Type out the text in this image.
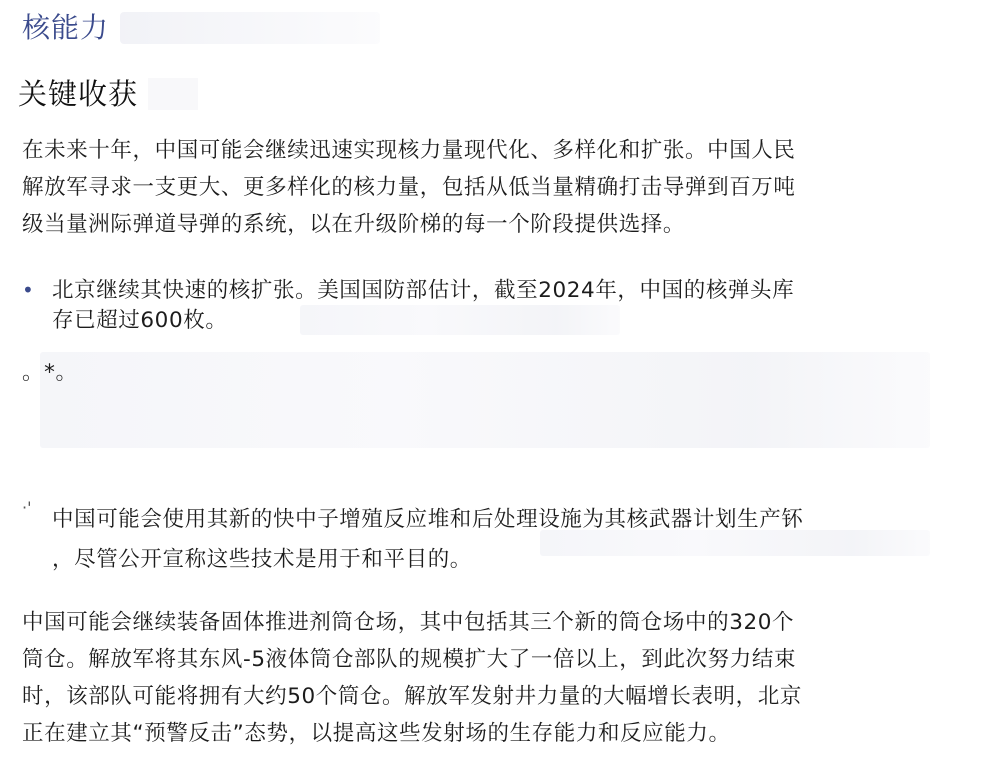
核能力
关键收获

在未来十年，中国可能会继续迅速实现核力量现代化、多样化和扩张。中国人民
解放军寻求一支更大、更多样化的核力量，包括从低当量精确打击导弹到百万吨
级当量洲际弹道导弹的系统，以在升级阶梯的每一个阶段提供选择。

• 北京继续其快速的核扩张。美国国防部估计，截至2024年，中国的核弹头库
存已超过600枚。
。*。
·' 中国可能会使用其新的快中子增殖反应堆和后处理设施为其核武器计划生产钚
，尽管公开宣称这些技术是用于和平目的。

中国可能会继续装备固体推进剂筒仓场，其中包括其三个新的筒仓场中的320个
筒仓。解放军将其东风-5液体筒仓部队的规模扩大了一倍以上，到此次努力结束
时，该部队可能将拥有大约50个筒仓。解放军发射井力量的大幅增长表明，北京
正在建立其“预警反击”态势，以提高这些发射场的生存能力和反应能力。
